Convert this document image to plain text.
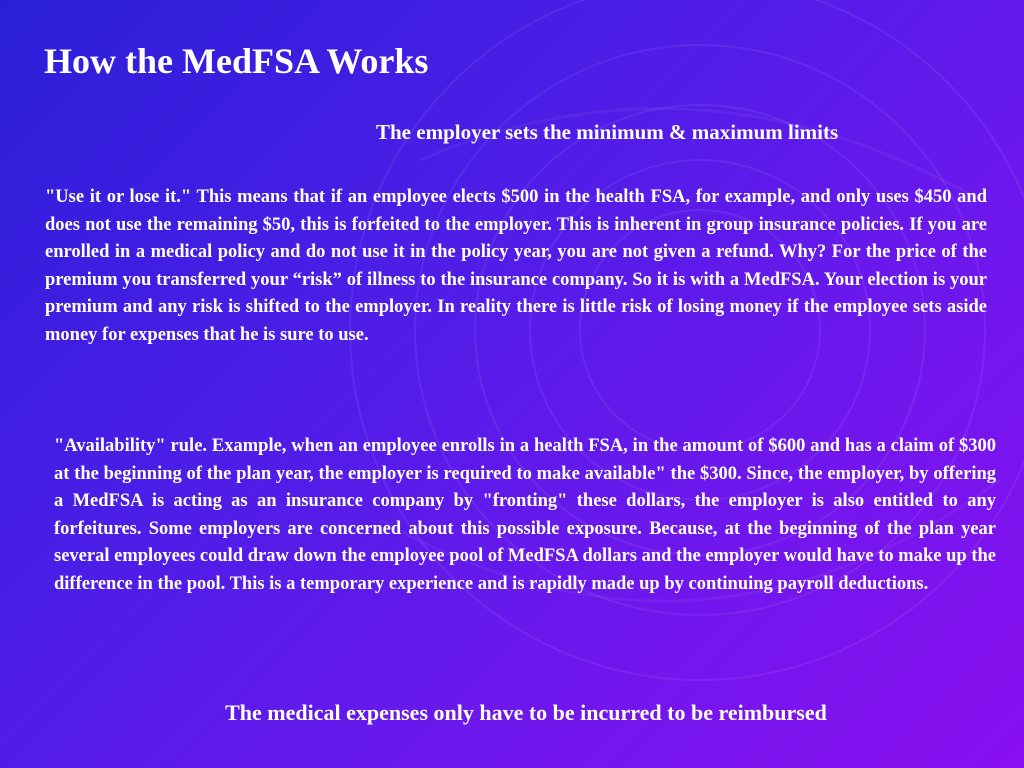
How the MedFSA Works
The employer sets the minimum & maximum limits

"Use it or lose it." This means that if an employee elects $500 in the health FSA, for example, and only uses $450 and does not use the remaining $50, this is forfeited to the employer. This is inherent in group insurance policies. If you are enrolled in a medical policy and do not use it in the policy year, you are not given a refund. Why? For the price of the premium you transferred your “risk” of illness to the insurance company. So it is with a MedFSA. Your election is your premium and any risk is shifted to the employer. In reality there is little risk of losing money if the employee sets aside money for expenses that he is sure to use.

"Availability" rule. Example, when an employee enrolls in a health FSA, in the amount of $600 and has a claim of $300 at the beginning of the plan year, the employer is required to make available" the $300. Since, the employer, by offering a MedFSA is acting as an insurance company by "fronting" these dollars, the employer is also entitled to any forfeitures. Some employers are concerned about this possible exposure. Because, at the beginning of the plan year several employees could draw down the employee pool of MedFSA dollars and the employer would have to make up the difference in the pool. This is a temporary experience and is rapidly made up by continuing payroll deductions.

The medical expenses only have to be incurred to be reimbursed
